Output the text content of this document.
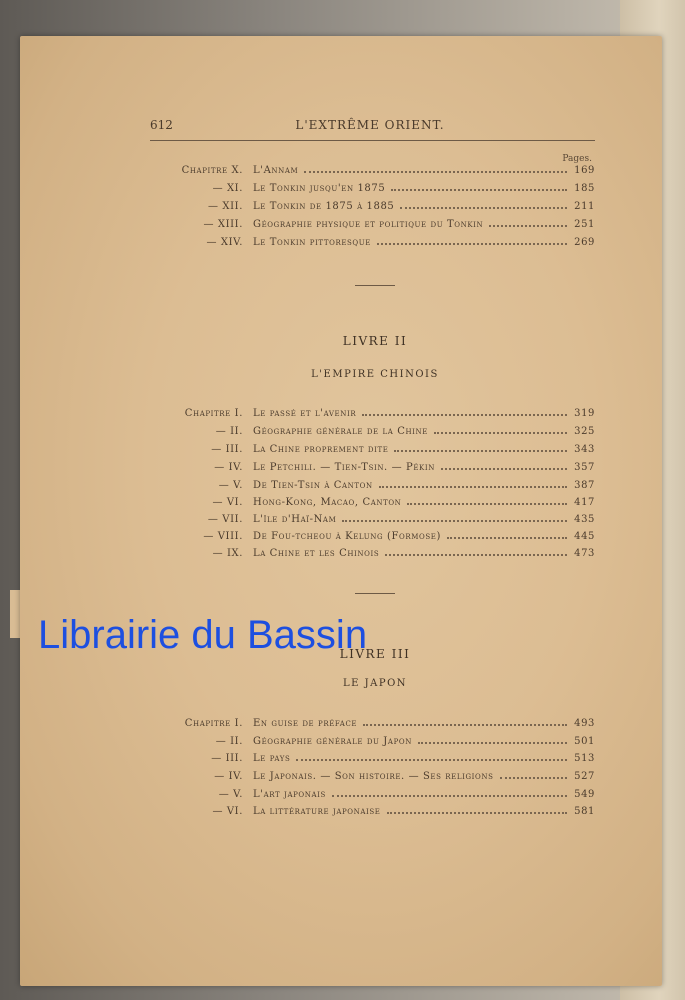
612	L'EXTRÊME ORIENT.
Pages.
Chapitre X.	L'Annam	169
— XI.	Le Tonkin jusqu'en 1875	185
— XII.	Le Tonkin de 1875 à 1885	211
— XIII.	Géographie physique et politique du Tonkin	251
— XIV.	Le Tonkin pittoresque	269
LIVRE II
L'EMPIRE CHINOIS
Chapitre I.	Le passé et l'avenir	319
— II.	Géographie générale de la Chine	325
— III.	La Chine proprement dite	343
— IV.	Le Petchili. — Tien-Tsin. — Pékin	357
— V.	De Tien-Tsin à Canton	387
— VI.	Hong-Kong, Macao, Canton	417
— VII.	L'île d'Haï-Nam	435
— VIII.	De Fou-tcheou à Kelung (Formose)	445
— IX.	La Chine et les Chinois	473
LIVRE III
LE JAPON
Chapitre I.	En guise de préface	493
— II.	Géographie générale du Japon	501
— III.	Le pays	513
— IV.	Le Japonais. — Son histoire. — Ses religions	527
— V.	L'art japonais	549
— VI.	La littérature japonaise	581
Librairie du Bassin
